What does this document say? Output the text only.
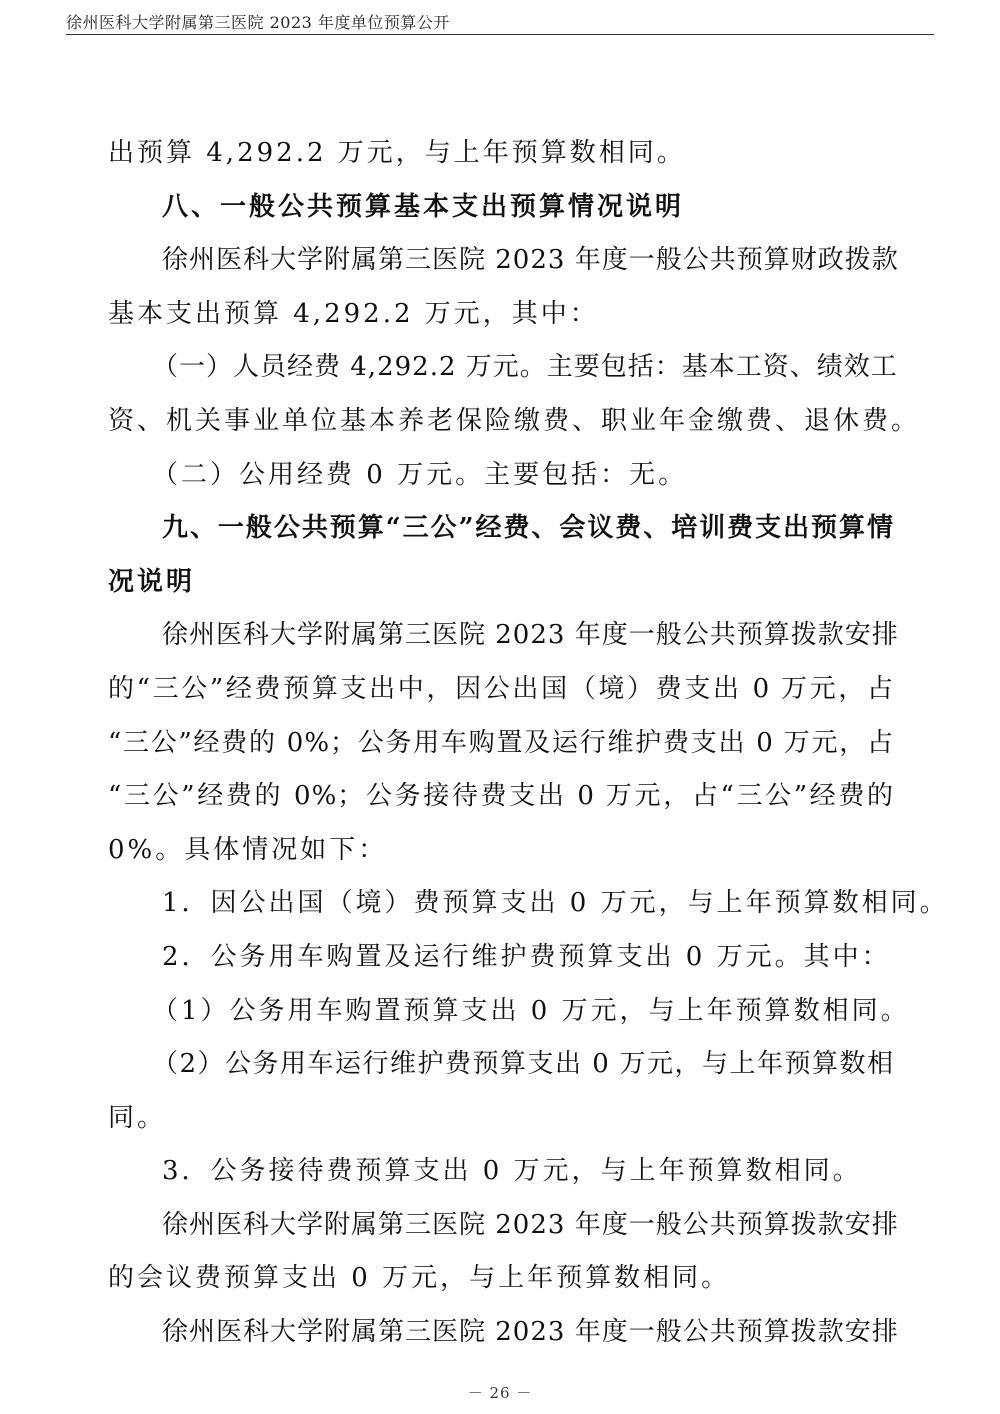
徐州医科大学附属第三医院 2023 年度单位预算公开
出预算 4,292.2 万元，与上年预算数相同。
八、一般公共预算基本支出预算情况说明
徐州医科大学附属第三医院 2023 年度一般公共预算财政拨款
基本支出预算 4,292.2 万元，其中：
（一）人员经费 4,292.2 万元。主要包括：基本工资、绩效工
资、机关事业单位基本养老保险缴费、职业年金缴费、退休费。
（二）公用经费 0 万元。主要包括：无。
九、一般公共预算“三公”经费、会议费、培训费支出预算情
况说明
徐州医科大学附属第三医院 2023 年度一般公共预算拨款安排
的“三公”经费预算支出中，因公出国（境）费支出 0 万元，占
“三公”经费的 0%；公务用车购置及运行维护费支出 0 万元，占
“三公”经费的 0%；公务接待费支出 0 万元，占“三公”经费的
0%。具体情况如下：
1．因公出国（境）费预算支出 0 万元，与上年预算数相同。
2．公务用车购置及运行维护费预算支出 0 万元。其中：
（1）公务用车购置预算支出 0 万元，与上年预算数相同。
（2）公务用车运行维护费预算支出 0 万元，与上年预算数相
同。
3．公务接待费预算支出 0 万元，与上年预算数相同。
徐州医科大学附属第三医院 2023 年度一般公共预算拨款安排
的会议费预算支出 0 万元，与上年预算数相同。
徐州医科大学附属第三医院 2023 年度一般公共预算拨款安排
－ 26 －
